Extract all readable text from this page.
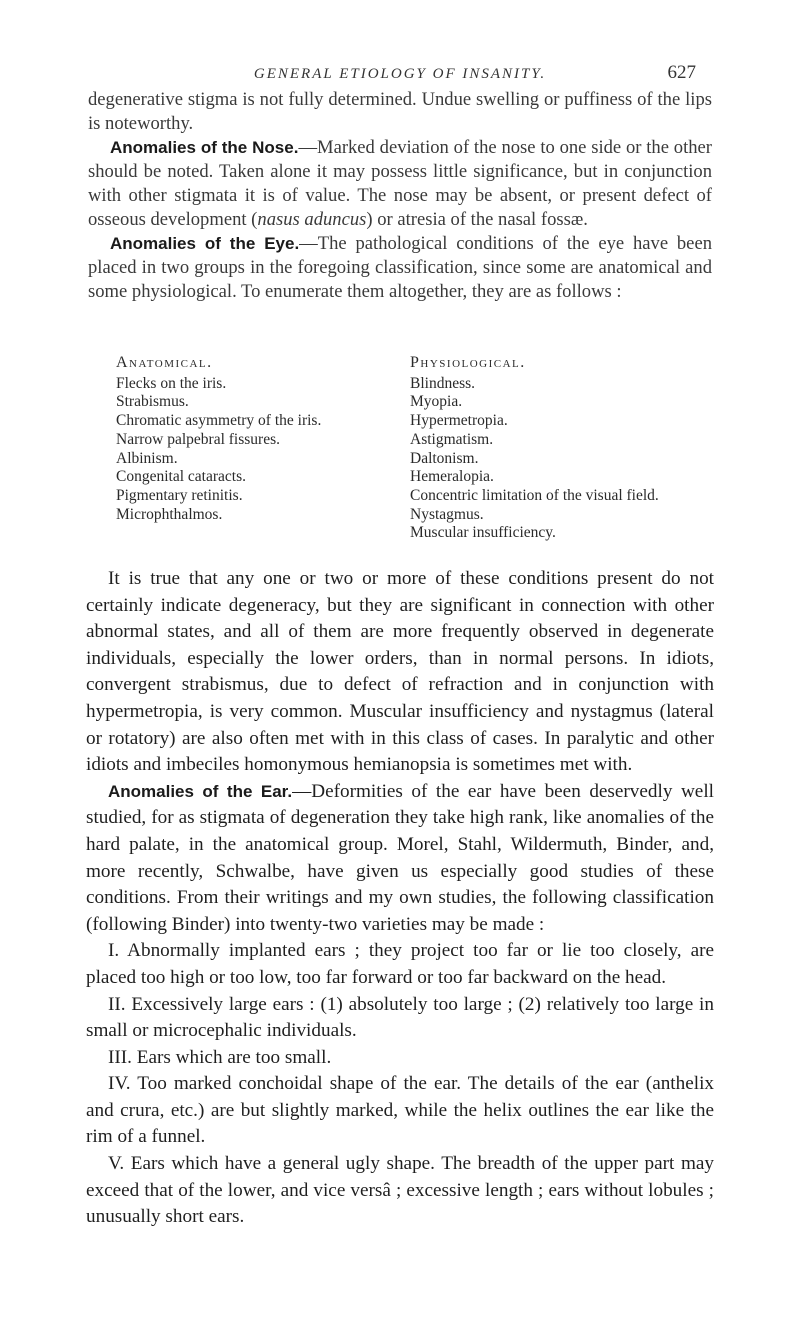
GENERAL ETIOLOGY OF INSANITY.	627

degenerative stigma is not fully determined. Undue swelling or puffiness of the lips is noteworthy.

Anomalies of the Nose.—Marked deviation of the nose to one side or the other should be noted. Taken alone it may possess little significance, but in conjunction with other stigmata it is of value. The nose may be absent, or present defect of osseous development (nasus aduncus) or atresia of the nasal fossæ.

Anomalies of the Eye.—The pathological conditions of the eye have been placed in two groups in the foregoing classification, since some are anatomical and some physiological. To enumerate them altogether, they are as follows :

Anatomical.
Flecks on the iris.
Strabismus.
Chromatic asymmetry of the iris.
Narrow palpebral fissures.
Albinism.
Congenital cataracts.
Pigmentary retinitis.
Microphthalmos.
Physiological.
Blindness.
Myopia.
Hypermetropia.
Astigmatism.
Daltonism.
Hemeralopia.
Concentric limitation of the visual field.
Nystagmus.
Muscular insufficiency.

It is true that any one or two or more of these conditions present do not certainly indicate degeneracy, but they are significant in connection with other abnormal states, and all of them are more frequently observed in degenerate individuals, especially the lower orders, than in normal persons. In idiots, convergent strabismus, due to defect of refraction and in conjunction with hypermetropia, is very common. Muscular insufficiency and nystagmus (lateral or rotatory) are also often met with in this class of cases. In paralytic and other idiots and imbeciles homonymous hemianopsia is sometimes met with.

Anomalies of the Ear.—Deformities of the ear have been deservedly well studied, for as stigmata of degeneration they take high rank, like anomalies of the hard palate, in the anatomical group. Morel, Stahl, Wildermuth, Binder, and, more recently, Schwalbe, have given us especially good studies of these conditions. From their writings and my own studies, the following classification (following Binder) into twenty-two varieties may be made :

I. Abnormally implanted ears ; they project too far or lie too closely, are placed too high or too low, too far forward or too far backward on the head.

II. Excessively large ears : (1) absolutely too large ; (2) relatively too large in small or microcephalic individuals.

III. Ears which are too small.

IV. Too marked conchoidal shape of the ear. The details of the ear (anthelix and crura, etc.) are but slightly marked, while the helix outlines the ear like the rim of a funnel.

V. Ears which have a general ugly shape. The breadth of the upper part may exceed that of the lower, and vice versâ ; excessive length ; ears without lobules ; unusually short ears.
